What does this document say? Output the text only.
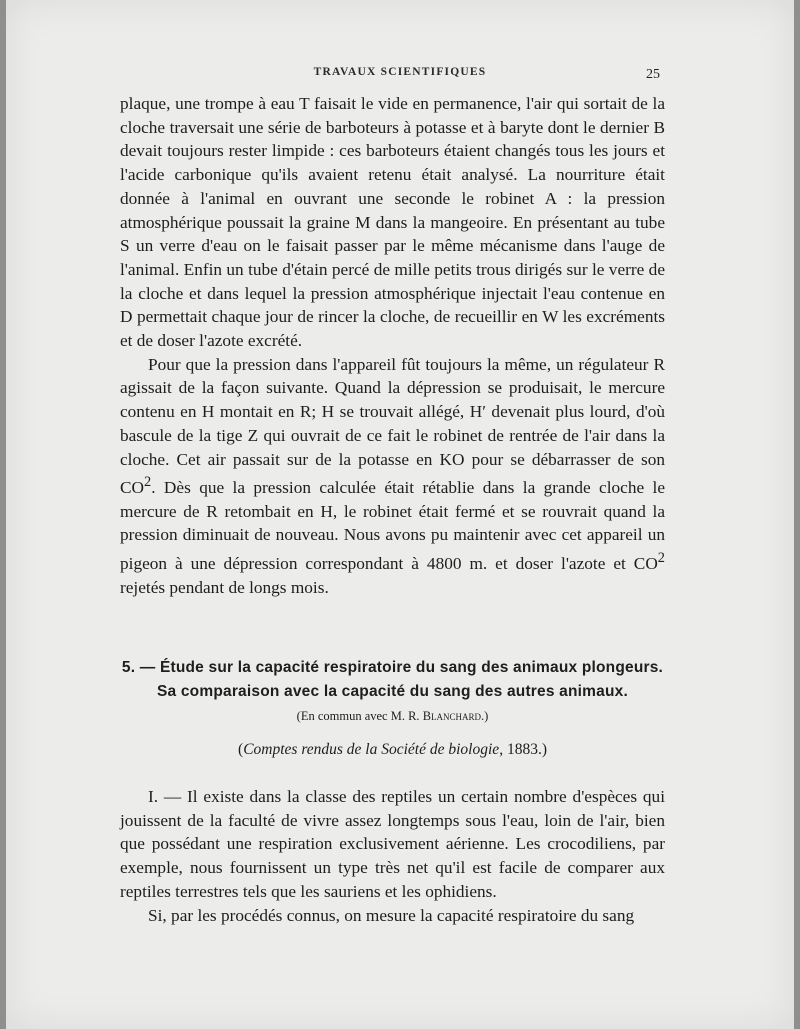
TRAVAUX SCIENTIFIQUES	25

plaque, une trompe à eau T faisait le vide en permanence, l'air qui sortait de la cloche traversait une série de barboteurs à potasse et à baryte dont le dernier B devait toujours rester limpide : ces barboteurs étaient changés tous les jours et l'acide carbonique qu'ils avaient retenu était analysé. La nourriture était donnée à l'animal en ouvrant une seconde le robinet A : la pression atmosphérique poussait la graine M dans la mangeoire. En présentant au tube S un verre d'eau on le faisait passer par le même mécanisme dans l'auge de l'animal. Enfin un tube d'étain percé de mille petits trous dirigés sur le verre de la cloche et dans lequel la pression atmosphérique injectait l'eau contenue en D permettait chaque jour de rincer la cloche, de recueillir en W les excréments et de doser l'azote excrété.

Pour que la pression dans l'appareil fût toujours la même, un régulateur R agissait de la façon suivante. Quand la dépression se produisait, le mercure contenu en H montait en R; H se trouvait allégé, H′ devenait plus lourd, d'où bascule de la tige Z qui ouvrait de ce fait le robinet de rentrée de l'air dans la cloche. Cet air passait sur de la potasse en KO pour se débarrasser de son $CO^2$. Dès que la pression calculée était rétablie dans la grande cloche le mercure de R retombait en H, le robinet était fermé et se rouvrait quand la pression diminuait de nouveau. Nous avons pu maintenir avec cet appareil un pigeon à une dépression correspondant à 4800 m. et doser l'azote et $CO^2$ rejetés pendant de longs mois.

5. — Étude sur la capacité respiratoire du sang des animaux plongeurs.
Sa comparaison avec la capacité du sang des autres animaux.
(En commun avec M. R. Blanchard.)
(Comptes rendus de la Société de biologie, 1883.)

I. — Il existe dans la classe des reptiles un certain nombre d'espèces qui jouissent de la faculté de vivre assez longtemps sous l'eau, loin de l'air, bien que possédant une respiration exclusivement aérienne. Les crocodiliens, par exemple, nous fournissent un type très net qu'il est facile de comparer aux reptiles terrestres tels que les sauriens et les ophidiens.

Si, par les procédés connus, on mesure la capacité respiratoire du sang
